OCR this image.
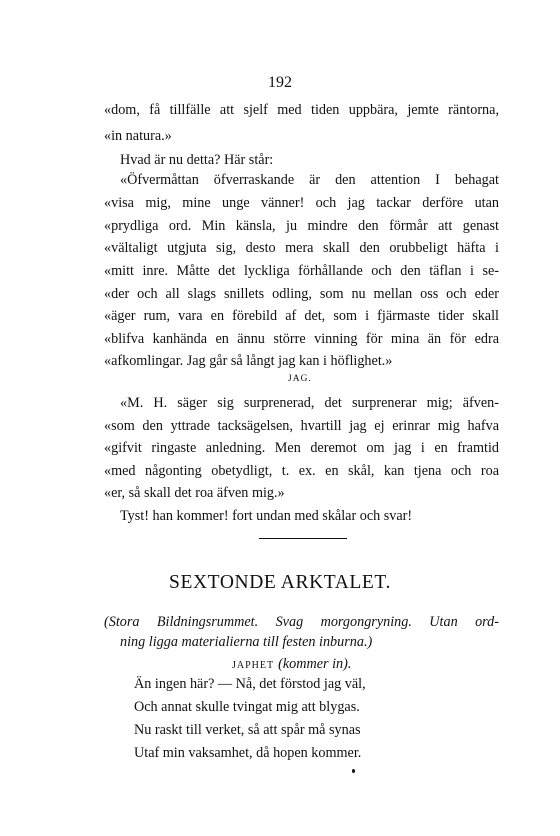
192
«dom, få tillfälle att sjelf med tiden uppbära, jemte räntorna,
«in natura.»
Hvad är nu detta? Här står:
«Öfvermåttan öfverraskande är den attention I behagat
«visa mig, mine unge vänner! och jag tackar derföre utan
«prydliga ord. Min känsla, ju mindre den förmår att genast
«vältaligt utgjuta sig, desto mera skall den orubbeligt häfta i
«mitt inre. Måtte det lyckliga förhållande och den täflan i se-
«der och all slags snillets odling, som nu mellan oss och eder
«äger rum, vara en förebild af det, som i fjärmaste tider skall
«blifva kanhända en ännu större vinning för mina än för edra
«afkomlingar. Jag går så långt jag kan i höflighet.»
JAG.
«M. H. säger sig surprenerad, det surprenerar mig; äfven-
«som den yttrade tacksägelsen, hvartill jag ej erinrar mig hafva
«gifvit ringaste anledning. Men deremot om jag i en framtid
«med någonting obetydligt, t. ex. en skål, kan tjena och roa
«er, så skall det roa äfven mig.»
Tyst! han kommer! fort undan med skålar och svar!
SEXTONDE ARKTALET.
(Stora Bildningsrummet. Svag morgongryning. Utan ord-
ning ligga materialierna till festen inburna.)
JAPHET (kommer in).
Än ingen här? — Nå, det förstod jag väl,
Och annat skulle tvingat mig att blygas.
Nu raskt till verket, så att spår må synas
Utaf min vaksamhet, då hopen kommer.
